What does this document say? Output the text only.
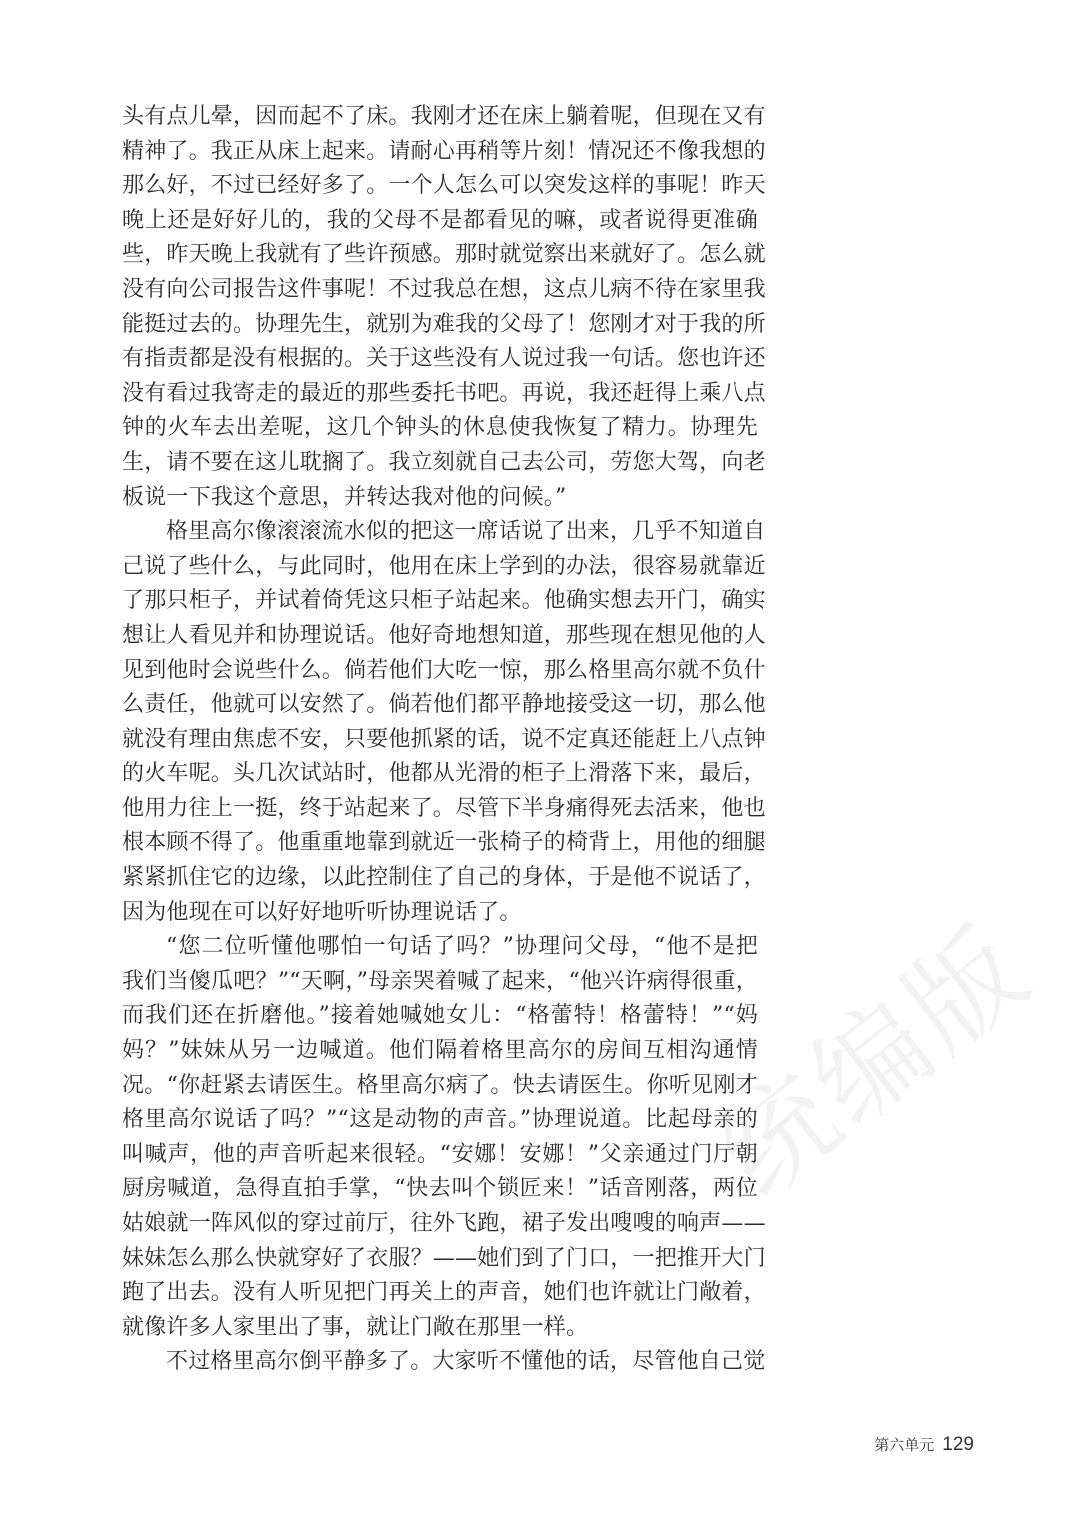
头有点儿晕，因而起不了床。我刚才还在床上躺着呢，但现在又有
精神了。我正从床上起来。请耐心再稍等片刻！情况还不像我想的
那么好，不过已经好多了。一个人怎么可以突发这样的事呢！昨天
晚上还是好好儿的，我的父母不是都看见的嘛，或者说得更准确
些，昨天晚上我就有了些许预感。那时就觉察出来就好了。怎么就
没有向公司报告这件事呢！不过我总在想，这点儿病不待在家里我
能挺过去的。协理先生，就别为难我的父母了！您刚才对于我的所
有指责都是没有根据的。关于这些没有人说过我一句话。您也许还
没有看过我寄走的最近的那些委托书吧。再说，我还赶得上乘八点
钟的火车去出差呢，这几个钟头的休息使我恢复了精力。协理先
生，请不要在这儿耽搁了。我立刻就自己去公司，劳您大驾，向老
板说一下我这个意思，并转达我对他的问候。”
格里高尔像滚滚流水似的把这一席话说了出来，几乎不知道自
己说了些什么，与此同时，他用在床上学到的办法，很容易就靠近
了那只柜子，并试着倚凭这只柜子站起来。他确实想去开门，确实
想让人看见并和协理说话。他好奇地想知道，那些现在想见他的人
见到他时会说些什么。倘若他们大吃一惊，那么格里高尔就不负什
么责任，他就可以安然了。倘若他们都平静地接受这一切，那么他
就没有理由焦虑不安，只要他抓紧的话，说不定真还能赶上八点钟
的火车呢。头几次试站时，他都从光滑的柜子上滑落下来，最后，
他用力往上一挺，终于站起来了。尽管下半身痛得死去活来，他也
根本顾不得了。他重重地靠到就近一张椅子的椅背上，用他的细腿
紧紧抓住它的边缘，以此控制住了自己的身体，于是他不说话了，
因为他现在可以好好地听听协理说话了。
“您二位听懂他哪怕一句话了吗？”协理问父母，“他不是把
我们当傻瓜吧？”“天啊，”母亲哭着喊了起来，“他兴许病得很重，
而我们还在折磨他。”接着她喊她女儿：“格蕾特！格蕾特！”“妈
妈？”妹妹从另一边喊道。他们隔着格里高尔的房间互相沟通情
况。“你赶紧去请医生。格里高尔病了。快去请医生。你听见刚才
格里高尔说话了吗？”“这是动物的声音。”协理说道。比起母亲的
叫喊声，他的声音听起来很轻。“安娜！安娜！”父亲通过门厅朝
厨房喊道，急得直拍手掌，“快去叫个锁匠来！”话音刚落，两位
姑娘就一阵风似的穿过前厅，往外飞跑，裙子发出嗖嗖的响声——
妹妹怎么那么快就穿好了衣服？——她们到了门口，一把推开大门
跑了出去。没有人听见把门再关上的声音，她们也许就让门敞着，
就像许多人家里出了事，就让门敞在那里一样。
不过格里高尔倒平静多了。大家听不懂他的话，尽管他自己觉
统编版
第六单元 129
